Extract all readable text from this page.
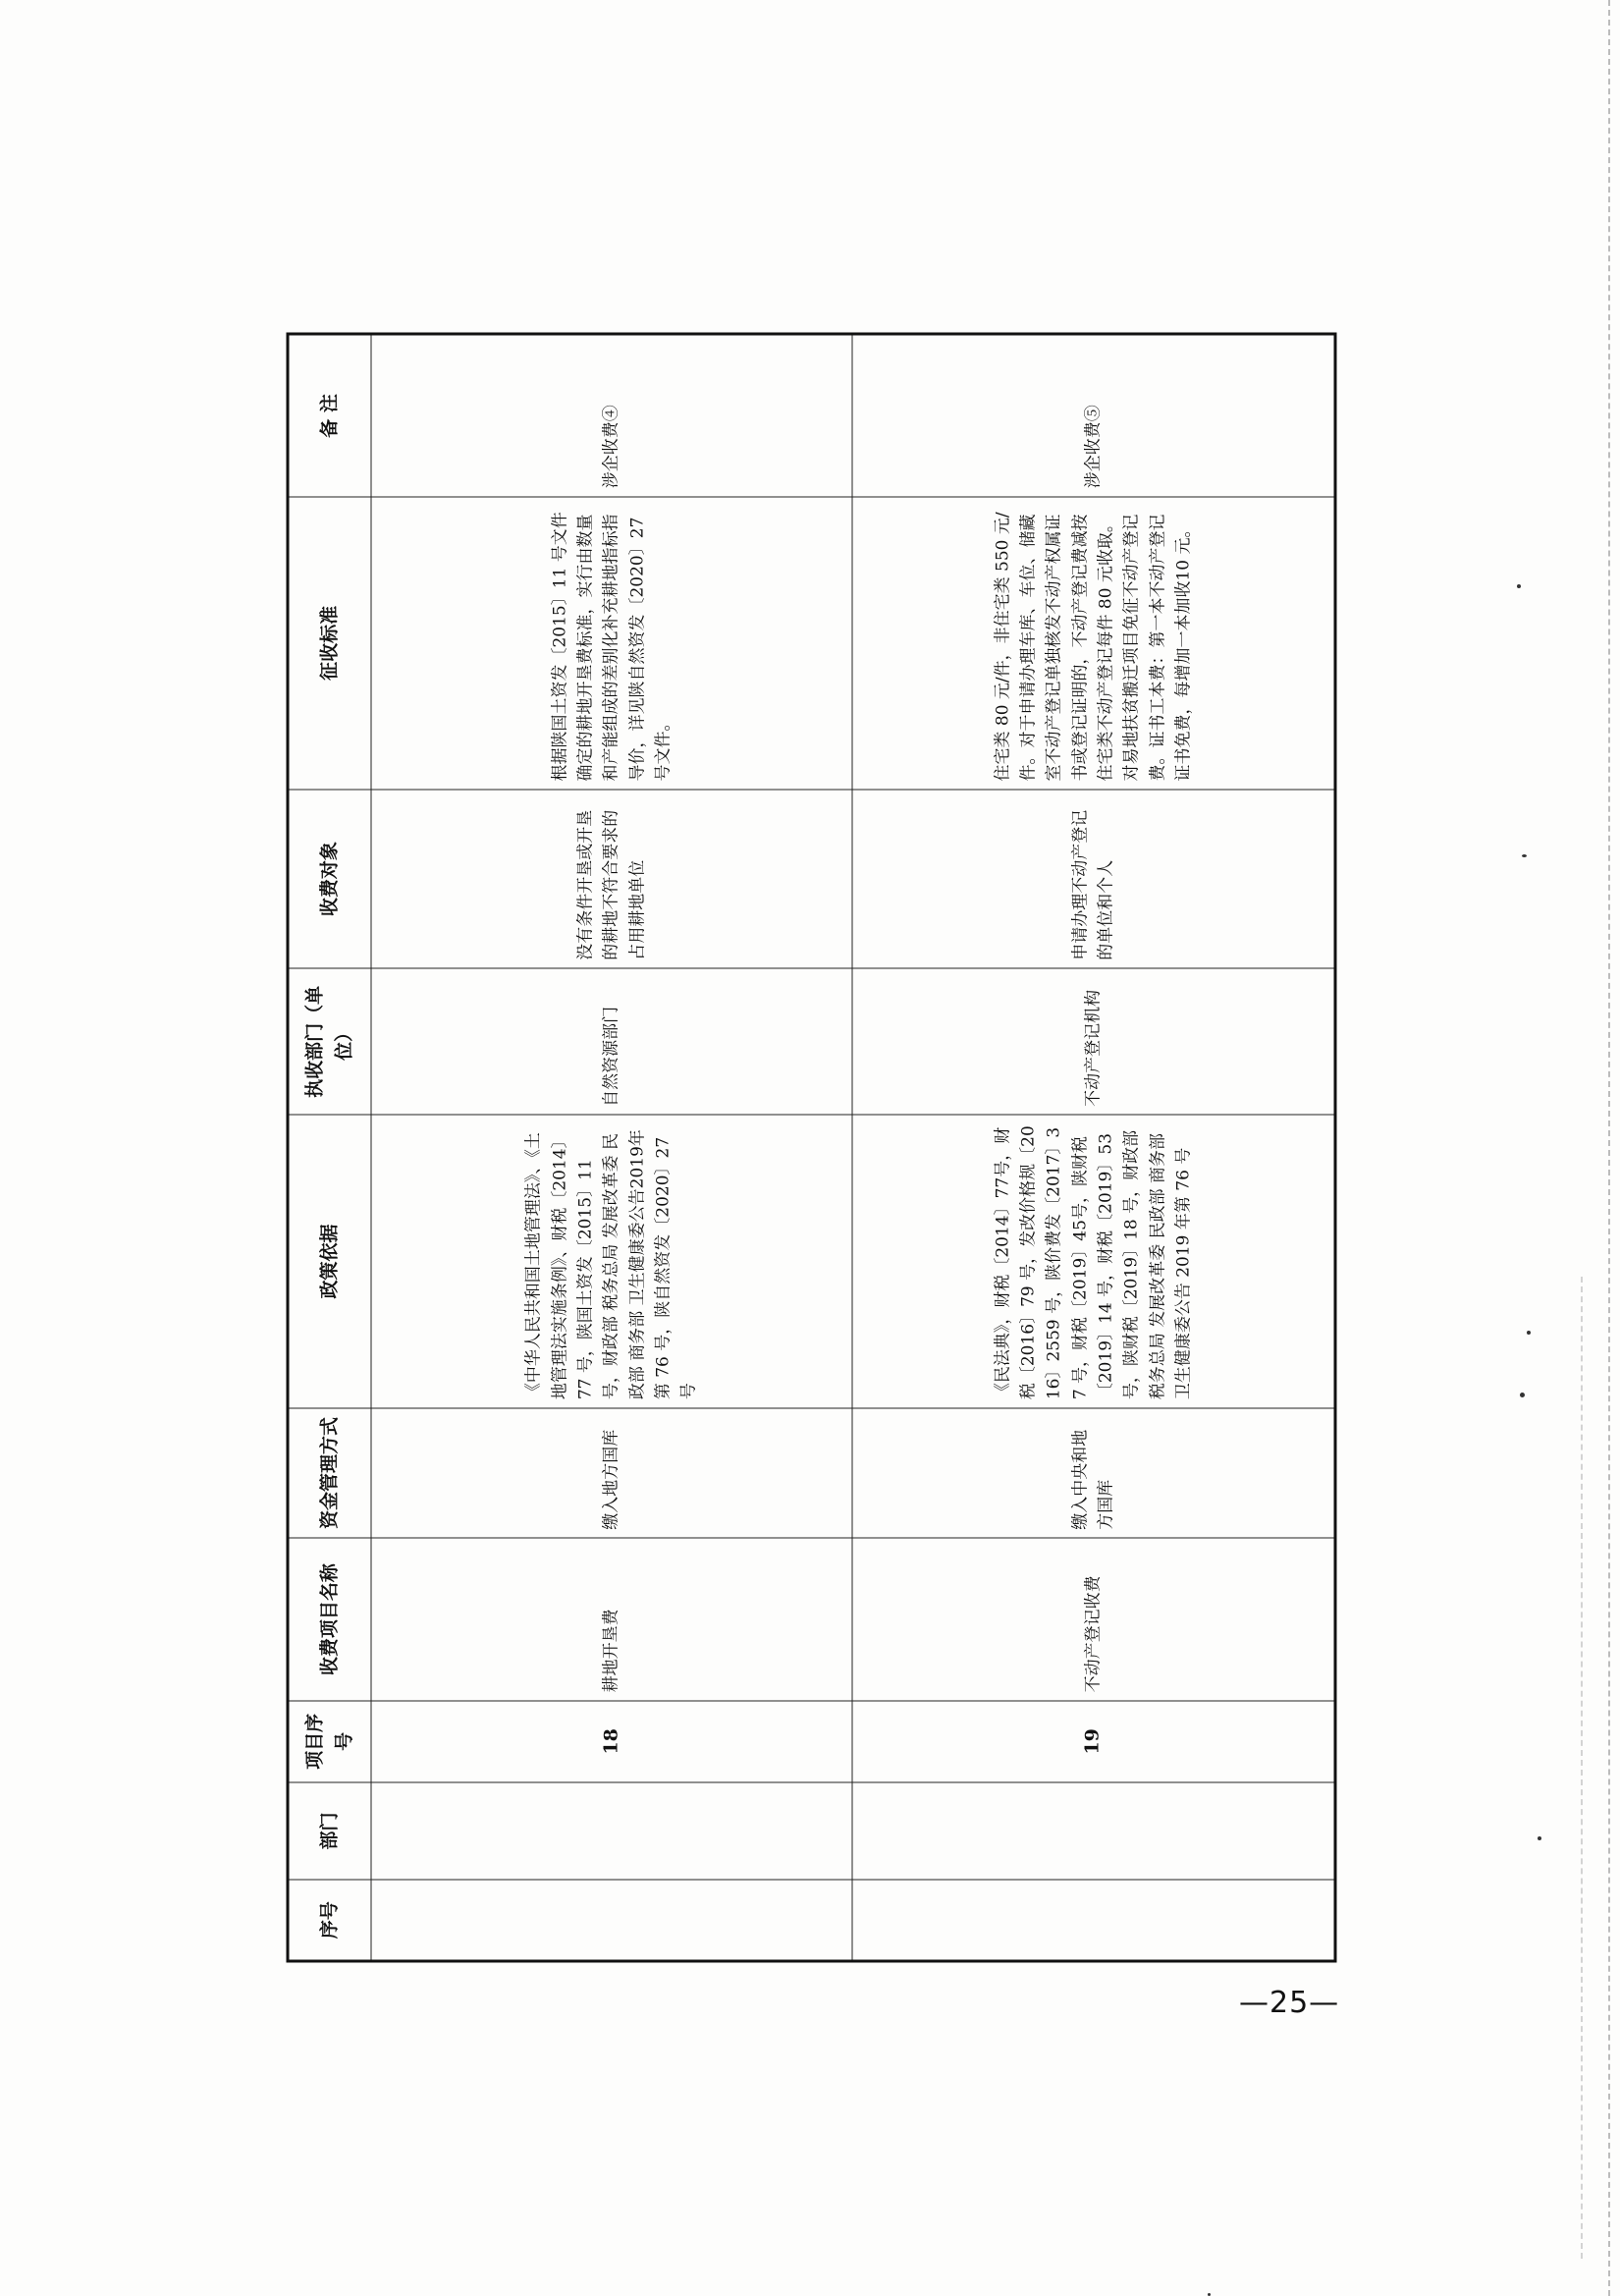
序号	部门	项目序号	收费项目名称	资金管理方式	政策依据	执收部门（单位）	收费对象	征收标准	备 注
		18	耕地开垦费	缴入地方国库	《中华人民共和国土地管理法》、《土地管理法实施条例》、财税〔2014〕77 号，陕国土资发〔2015〕11 号，财政部 税务总局 发展改革委 民政部 商务部 卫生健康委公告2019年第 76 号，陕自然资发〔2020〕27 号	自然资源部门	没有条件开垦或开垦的耕地不符合要求的占用耕地单位	根据陕国土资发〔2015〕11 号文件确定的耕地开垦费标准，实行由数量和产能组成的差别化补充耕地指标指导价，详见陕自然资发〔2020〕27 号文件。	涉企收费④
		19	不动产登记收费	缴入中央和地方国库	《民法典》，财税〔2014〕77号，财税〔2016〕79 号，发改价格规〔2016〕2559 号，陕价费发〔2017〕37 号，财税〔2019〕45号，陕财税〔2019〕14 号，财税〔2019〕53 号，陕财税〔2019〕18 号，财政部 税务总局 发展改革委 民政部 商务部 卫生健康委公告 2019 年第 76 号	不动产登记机构	申请办理不动产登记的单位和个人	住宅类 80 元/件，非住宅类 550 元/件。对于申请办理车库、车位、储藏室不动产登记单独核发不动产权属证书或登记证明的，不动产登记费减按住宅类不动产登记每件 80 元收取。对易地扶贫搬迁项目免征不动产登记费。证书工本费：第一本不动产登记证书免费，每增加一本加收10 元。	涉企收费⑤
—25—
